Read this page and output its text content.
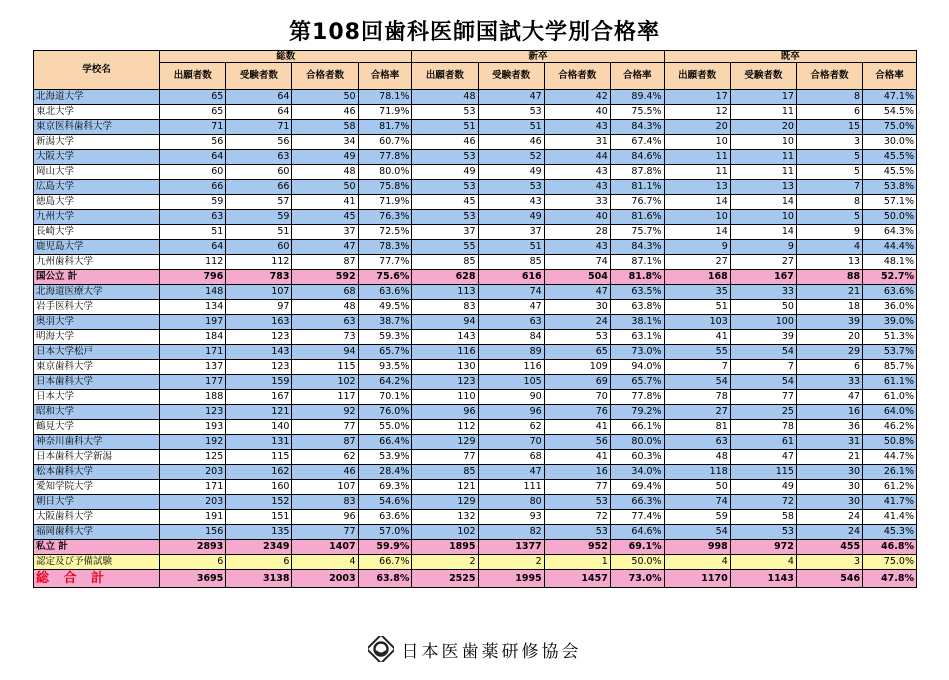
第108回歯科医師国試大学別合格率
学校名	総数				新卒				既卒			
	出願者数	受験者数	合格者数	合格率	出願者数	受験者数	合格者数	合格率	出願者数	受験者数	合格者数	合格率
北海道大学	65	64	50	78.1%	48	47	42	89.4%	17	17	8	47.1%
東北大学	65	64	46	71.9%	53	53	40	75.5%	12	11	6	54.5%
東京医科歯科大学	71	71	58	81.7%	51	51	43	84.3%	20	20	15	75.0%
新潟大学	56	56	34	60.7%	46	46	31	67.4%	10	10	3	30.0%
大阪大学	64	63	49	77.8%	53	52	44	84.6%	11	11	5	45.5%
岡山大学	60	60	48	80.0%	49	49	43	87.8%	11	11	5	45.5%
広島大学	66	66	50	75.8%	53	53	43	81.1%	13	13	7	53.8%
徳島大学	59	57	41	71.9%	45	43	33	76.7%	14	14	8	57.1%
九州大学	63	59	45	76.3%	53	49	40	81.6%	10	10	5	50.0%
長崎大学	51	51	37	72.5%	37	37	28	75.7%	14	14	9	64.3%
鹿児島大学	64	60	47	78.3%	55	51	43	84.3%	9	9	4	44.4%
九州歯科大学	112	112	87	77.7%	85	85	74	87.1%	27	27	13	48.1%
国公立 計	796	783	592	75.6%	628	616	504	81.8%	168	167	88	52.7%
北海道医療大学	148	107	68	63.6%	113	74	47	63.5%	35	33	21	63.6%
岩手医科大学	134	97	48	49.5%	83	47	30	63.8%	51	50	18	36.0%
奥羽大学	197	163	63	38.7%	94	63	24	38.1%	103	100	39	39.0%
明海大学	184	123	73	59.3%	143	84	53	63.1%	41	39	20	51.3%
日本大学松戸	171	143	94	65.7%	116	89	65	73.0%	55	54	29	53.7%
東京歯科大学	137	123	115	93.5%	130	116	109	94.0%	7	7	6	85.7%
日本歯科大学	177	159	102	64.2%	123	105	69	65.7%	54	54	33	61.1%
日本大学	188	167	117	70.1%	110	90	70	77.8%	78	77	47	61.0%
昭和大学	123	121	92	76.0%	96	96	76	79.2%	27	25	16	64.0%
鶴見大学	193	140	77	55.0%	112	62	41	66.1%	81	78	36	46.2%
神奈川歯科大学	192	131	87	66.4%	129	70	56	80.0%	63	61	31	50.8%
日本歯科大学新潟	125	115	62	53.9%	77	68	41	60.3%	48	47	21	44.7%
松本歯科大学	203	162	46	28.4%	85	47	16	34.0%	118	115	30	26.1%
愛知学院大学	171	160	107	69.3%	121	111	77	69.4%	50	49	30	61.2%
朝日大学	203	152	83	54.6%	129	80	53	66.3%	74	72	30	41.7%
大阪歯科大学	191	151	96	63.6%	132	93	72	77.4%	59	58	24	41.4%
福岡歯科大学	156	135	77	57.0%	102	82	53	64.6%	54	53	24	45.3%
私立 計	2893	2349	1407	59.9%	1895	1377	952	69.1%	998	972	455	46.8%
認定及び予備試験	6	6	4	66.7%	2	2	1	50.0%	4	4	3	75.0%
総 合 計	3695	3138	2003	63.8%	2525	1995	1457	73.0%	1170	1143	546	47.8%
日本医歯薬研修協会
